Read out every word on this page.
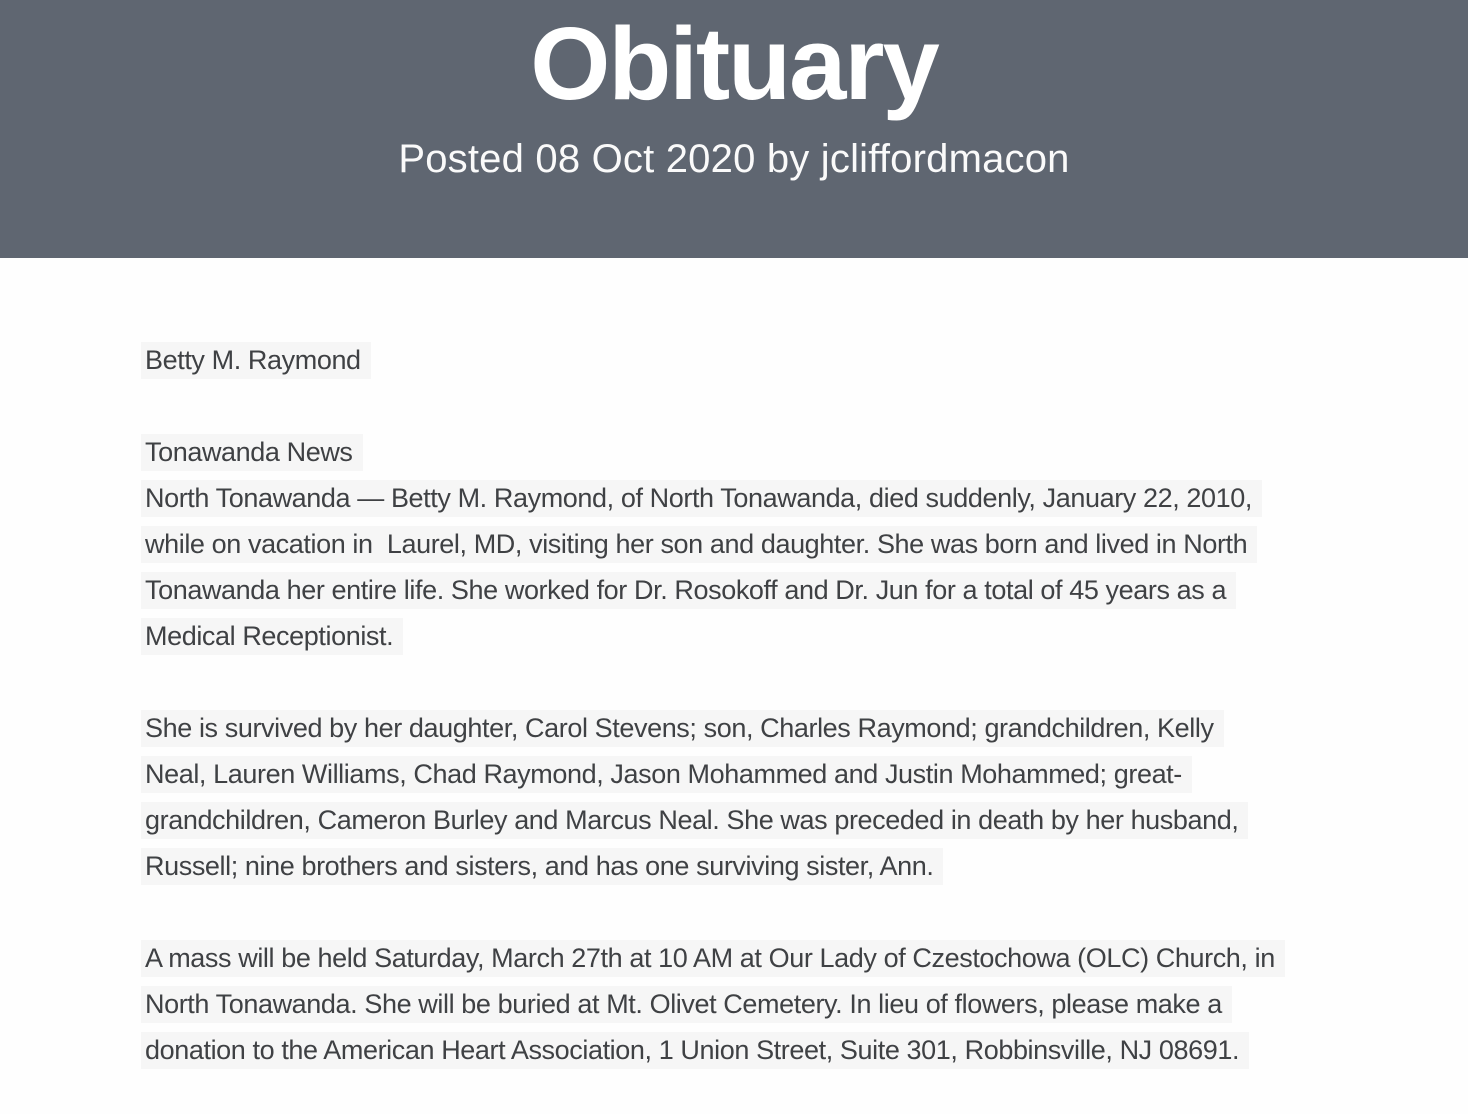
Obituary
Posted 08 Oct 2020 by jcliffordmacon
Betty M. Raymond
Tonawanda News
North Tonawanda — Betty M. Raymond, of North Tonawanda, died suddenly, January 22, 2010,
while on vacation in  Laurel, MD, visiting her son and daughter. She was born and lived in North
Tonawanda her entire life. She worked for Dr. Rosokoff and Dr. Jun for a total of 45 years as a
Medical Receptionist.
She is survived by her daughter, Carol Stevens; son, Charles Raymond; grandchildren, Kelly
Neal, Lauren Williams, Chad Raymond, Jason Mohammed and Justin Mohammed; great-
grandchildren, Cameron Burley and Marcus Neal. She was preceded in death by her husband,
Russell; nine brothers and sisters, and has one surviving sister, Ann.
A mass will be held Saturday, March 27th at 10 AM at Our Lady of Czestochowa (OLC) Church, in
North Tonawanda. She will be buried at Mt. Olivet Cemetery. In lieu of flowers, please make a
donation to the American Heart Association, 1 Union Street, Suite 301, Robbinsville, NJ 08691.
